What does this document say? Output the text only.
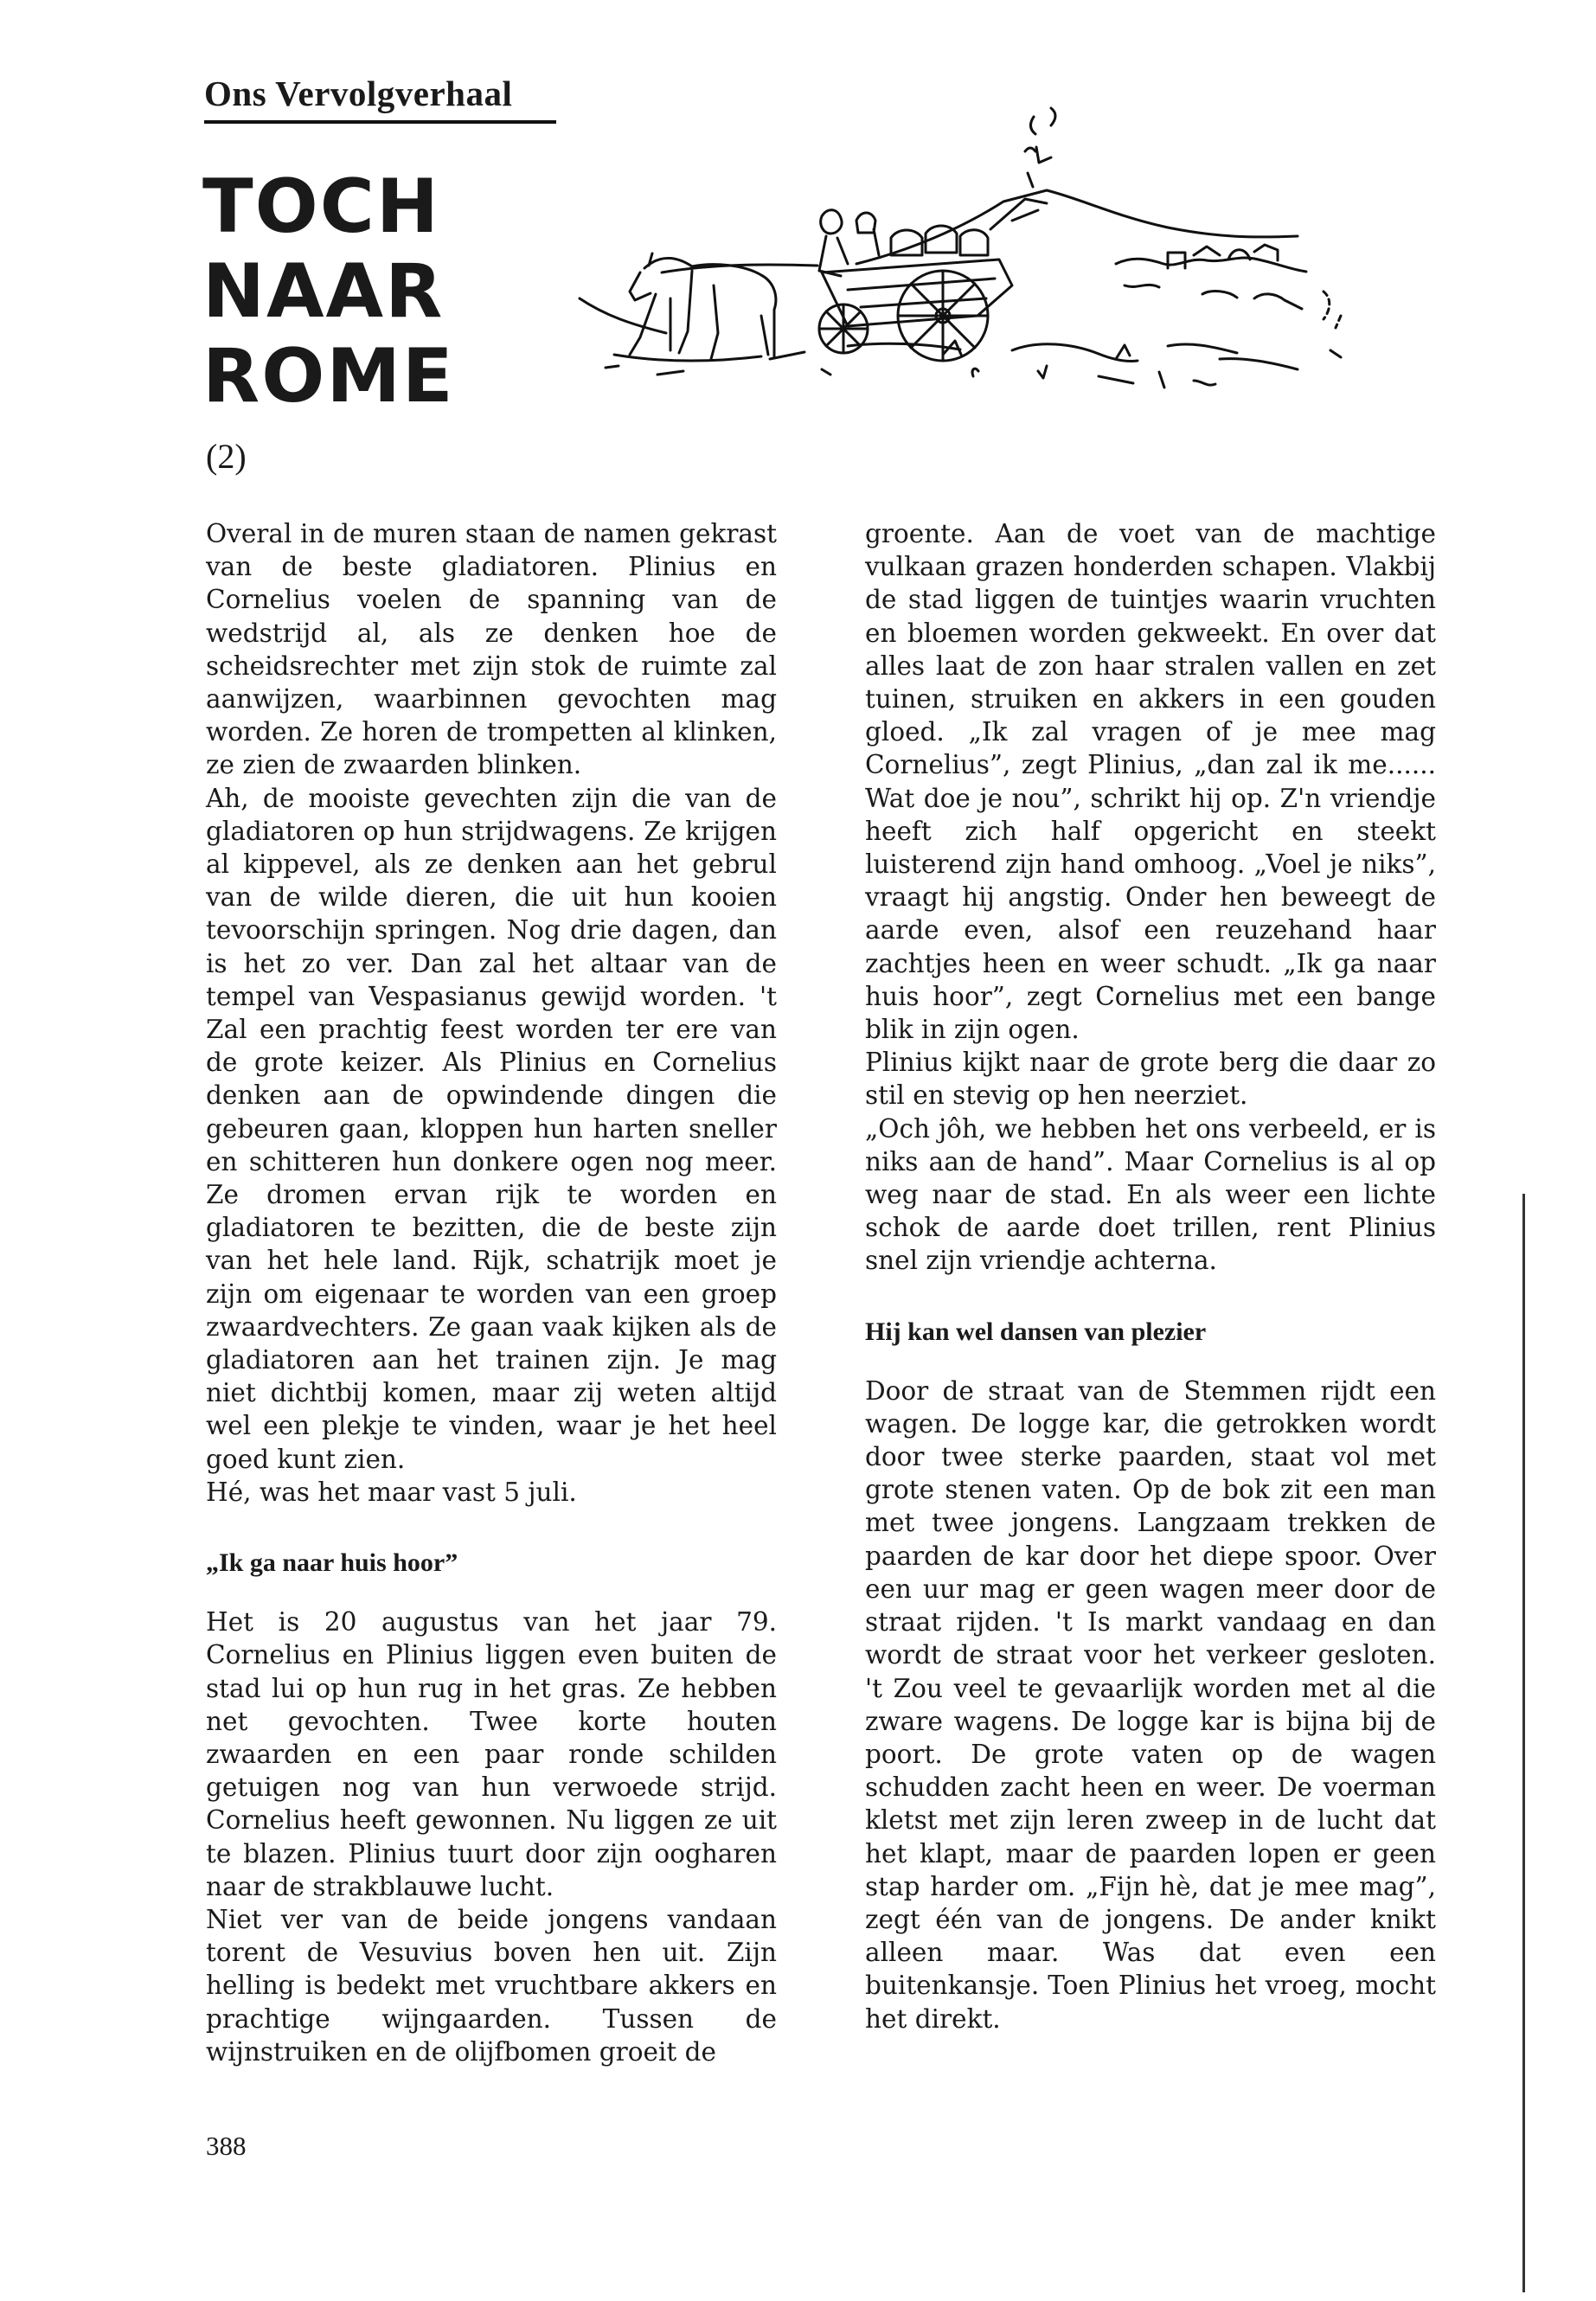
Ons Vervolgverhaal
TOCH
NAAR
ROME
(2)

Overal in de muren staan de namen gekrast van de beste gladiatoren. Plinius en Cornelius voelen de spanning van de wedstrijd al, als ze denken hoe de scheidsrechter met zijn stok de ruimte zal aanwijzen, waarbinnen gevochten mag worden. Ze horen de trompetten al klinken, ze zien de zwaarden blinken.

Ah, de mooiste gevechten zijn die van de gladiatoren op hun strijdwagens. Ze krijgen al kippevel, als ze denken aan het gebrul van de wilde dieren, die uit hun kooien tevoorschijn springen. Nog drie dagen, dan is het zo ver. Dan zal het altaar van de tempel van Vespasianus gewijd worden. 't Zal een prachtig feest worden ter ere van de grote keizer. Als Plinius en Cornelius denken aan de opwindende dingen die gebeuren gaan, kloppen hun harten sneller en schitteren hun donkere ogen nog meer. Ze dromen ervan rijk te worden en gladiatoren te bezitten, die de beste zijn van het hele land. Rijk, schatrijk moet je zijn om eigenaar te worden van een groep zwaardvechters. Ze gaan vaak kijken als de gladiatoren aan het trainen zijn. Je mag niet dichtbij komen, maar zij weten altijd wel een plekje te vinden, waar je het heel goed kunt zien.

Hé, was het maar vast 5 juli.

„Ik ga naar huis hoor”

Het is 20 augustus van het jaar 79. Cornelius en Plinius liggen even buiten de stad lui op hun rug in het gras. Ze hebben net gevochten. Twee korte houten zwaarden en een paar ronde schilden getuigen nog van hun verwoede strijd. Cornelius heeft gewonnen. Nu liggen ze uit te blazen. Plinius tuurt door zijn oogharen naar de strakblauwe lucht.

Niet ver van de beide jongens vandaan torent de Vesuvius boven hen uit. Zijn helling is bedekt met vruchtbare akkers en prachtige wijngaarden. Tussen de wijnstruiken en de olijfbomen groeit de

groente. Aan de voet van de machtige vulkaan grazen honderden schapen. Vlakbij de stad liggen de tuintjes waarin vruchten en bloemen worden gekweekt. En over dat alles laat de zon haar stralen vallen en zet tuinen, struiken en akkers in een gouden gloed. „Ik zal vragen of je mee mag Cornelius”, zegt Plinius, „dan zal ik me...... Wat doe je nou”, schrikt hij op. Z'n vriendje heeft zich half opgericht en steekt luisterend zijn hand omhoog. „Voel je niks”, vraagt hij angstig. Onder hen beweegt de aarde even, alsof een reuzehand haar zachtjes heen en weer schudt. „Ik ga naar huis hoor”, zegt Cornelius met een bange blik in zijn ogen.

Plinius kijkt naar de grote berg die daar zo stil en stevig op hen neerziet.

„Och jôh, we hebben het ons verbeeld, er is niks aan de hand”. Maar Cornelius is al op weg naar de stad. En als weer een lichte schok de aarde doet trillen, rent Plinius snel zijn vriendje achterna.

Hij kan wel dansen van plezier

Door de straat van de Stemmen rijdt een wagen. De logge kar, die getrokken wordt door twee sterke paarden, staat vol met grote stenen vaten. Op de bok zit een man met twee jongens. Langzaam trekken de paarden de kar door het diepe spoor. Over een uur mag er geen wagen meer door de straat rijden. 't Is markt vandaag en dan wordt de straat voor het verkeer gesloten. 't Zou veel te gevaarlijk worden met al die zware wagens. De logge kar is bijna bij de poort. De grote vaten op de wagen schudden zacht heen en weer. De voerman kletst met zijn leren zweep in de lucht dat het klapt, maar de paarden lopen er geen stap harder om. „Fijn hè, dat je mee mag”, zegt één van de jongens. De ander knikt alleen maar. Was dat even een buitenkansje. Toen Plinius het vroeg, mocht het direkt.

388
